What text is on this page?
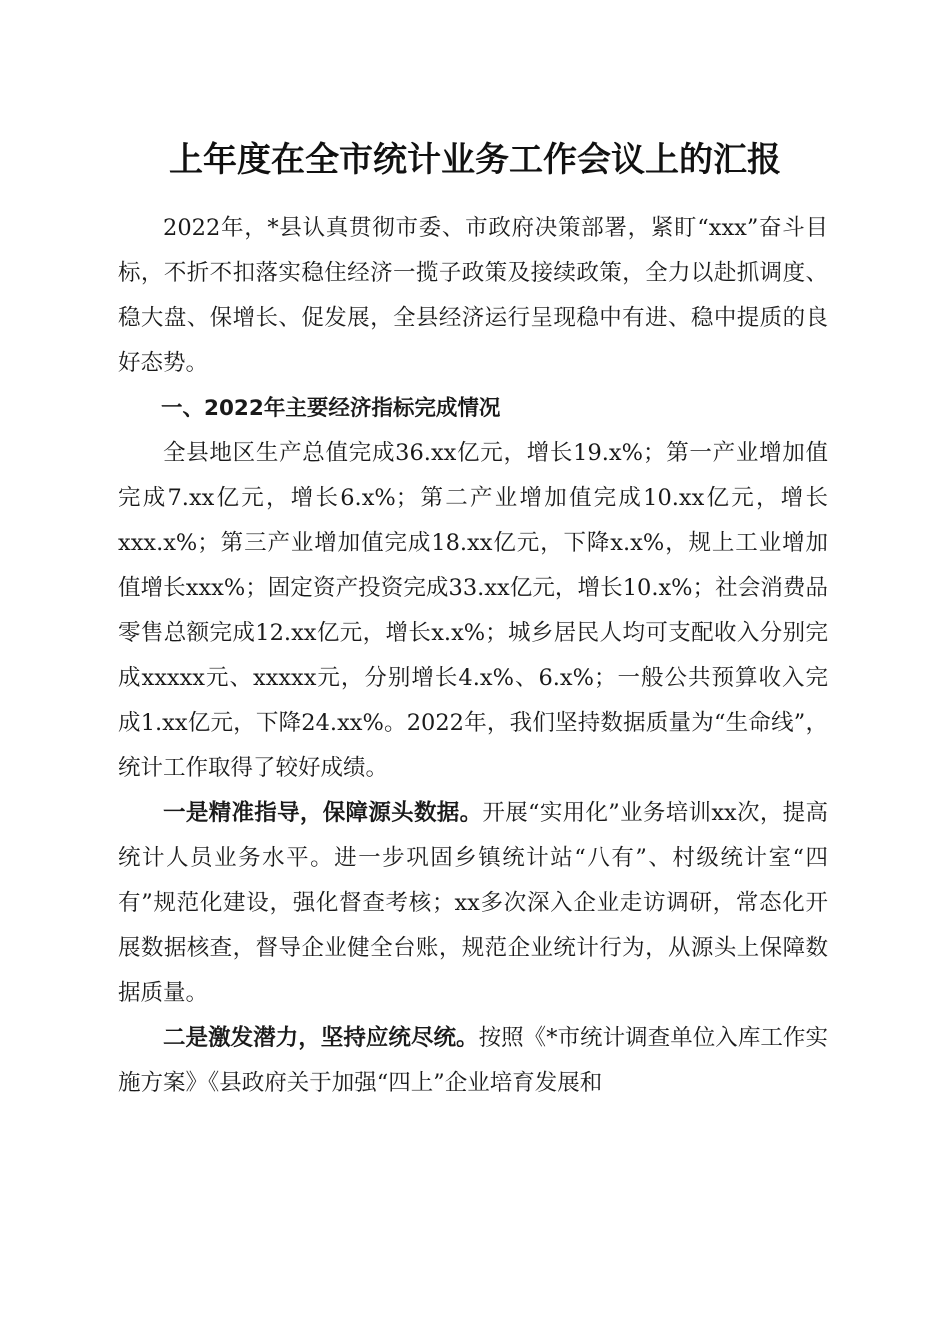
上年度在全市统计业务工作会议上的汇报

2022年，*县认真贯彻市委、市政府决策部署，紧盯“xxx”奋斗目标，不折不扣落实稳住经济一揽子政策及接续政策，全力以赴抓调度、稳大盘、保增长、促发展，全县经济运行呈现稳中有进、稳中提质的良好态势。

一、2022年主要经济指标完成情况

全县地区生产总值完成36.xx亿元，增长19.x%；第一产业增加值完成7.xx亿元，增长6.x%；第二产业增加值完成10.xx亿元，增长xxx.x%；第三产业增加值完成18.xx亿元，下降x.x%，规上工业增加值增长xxx%；固定资产投资完成33.xx亿元，增长10.x%；社会消费品零售总额完成12.xx亿元，增长x.x%；城乡居民人均可支配收入分别完成xxxxx元、xxxxx元，分别增长4.x%、6.x%；一般公共预算收入完成1.xx亿元，下降24.xx%。2022年，我们坚持数据质量为“生命线”，统计工作取得了较好成绩。

一是精准指导，保障源头数据。开展“实用化”业务培训xx次，提高统计人员业务水平。进一步巩固乡镇统计站“八有”、村级统计室“四有”规范化建设，强化督查考核；xx多次深入企业走访调研，常态化开展数据核查，督导企业健全台账，规范企业统计行为，从源头上保障数据质量。

二是激发潜力，坚持应统尽统。按照《*市统计调查单位入库工作实施方案》《县政府关于加强“四上”企业培育发展和
